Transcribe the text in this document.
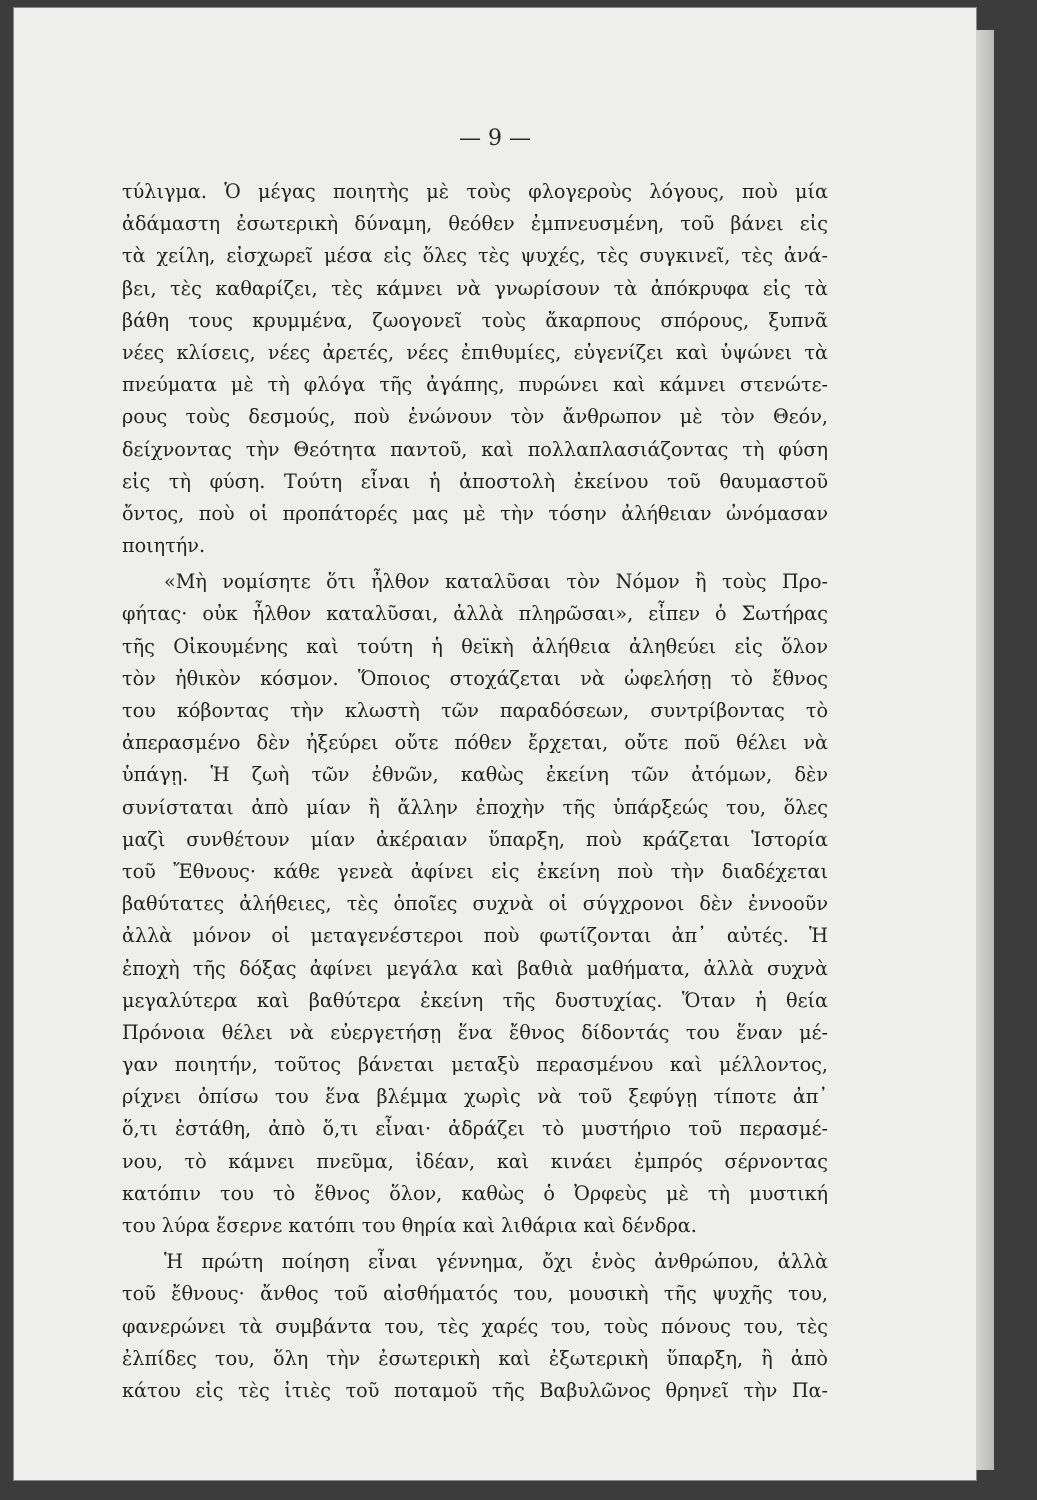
— 9 —
τύλιγμα. Ὁ μέγας ποιητὴς μὲ τοὺς φλογεροὺς λόγους, ποὺ μία
ἀδάμαστη ἐσωτερικὴ δύναμη, θεόθεν ἐμπνευσμένη, τοῦ βάνει εἰς
τὰ χείλη, εἰσχωρεῖ μέσα εἰς ὅλες τὲς ψυχές, τὲς συγκινεῖ, τὲς ἀνά-
βει, τὲς καθαρίζει, τὲς κάμνει νὰ γνωρίσουν τὰ ἀπόκρυφα εἰς τὰ
βάθη τους κρυμμένα, ζωογονεῖ τοὺς ἄκαρπους σπόρους, ξυπνᾶ
νέες κλίσεις, νέες ἀρετές, νέες ἐπιθυμίες, εὐγενίζει καὶ ὑψώνει τὰ
πνεύματα μὲ τὴ φλόγα τῆς ἀγάπης, πυρώνει καὶ κάμνει στενώτε-
ρους τοὺς δεσμούς, ποὺ ἑνώνουν τὸν ἄνθρωπον μὲ τὸν Θεόν,
δείχνοντας τὴν Θεότητα παντοῦ, καὶ πολλαπλασιάζοντας τὴ φύση
εἰς τὴ φύση. Τούτη εἶναι ἡ ἀποστολὴ ἐκείνου τοῦ θαυμαστοῦ
ὄντος, ποὺ οἱ προπάτορές μας μὲ τὴν τόσην ἀλήθειαν ὠνόμασαν
ποιητήν.
«Μὴ νομίσητε ὅτι ἦλθον καταλῦσαι τὸν Νόμον ἢ τοὺς Προ-
φήτας· οὐκ ἦλθον καταλῦσαι, ἀλλὰ πληρῶσαι», εἶπεν ὁ Σωτήρας
τῆς Οἰκουμένης καὶ τούτη ἡ θεϊκὴ ἀλήθεια ἀληθεύει εἰς ὅλον
τὸν ἠθικὸν κόσμον. Ὅποιος στοχάζεται νὰ ὠφελήσῃ τὸ ἔθνος
του κόβοντας τὴν κλωστὴ τῶν παραδόσεων, συντρίβοντας τὸ
ἀπερασμένο δὲν ἠξεύρει οὔτε πόθεν ἔρχεται, οὔτε ποῦ θέλει νὰ
ὑπάγῃ. Ἡ ζωὴ τῶν ἐθνῶν, καθὼς ἐκείνη τῶν ἀτόμων, δὲν
συνίσταται ἀπὸ μίαν ἢ ἄλλην ἐποχὴν τῆς ὑπάρξεώς του, ὅλες
μαζὶ συνθέτουν μίαν ἀκέραιαν ὕπαρξη, ποὺ κράζεται Ἱστορία
τοῦ Ἔθνους· κάθε γενεὰ ἀφίνει εἰς ἐκείνη ποὺ τὴν διαδέχεται
βαθύτατες ἀλήθειες, τὲς ὁποῖες συχνὰ οἱ σύγχρονοι δὲν ἐννοοῦν
ἀλλὰ μόνον οἱ μεταγενέστεροι ποὺ φωτίζονται ἀπ᾽ αὐτές. Ἡ
ἐποχὴ τῆς δόξας ἀφίνει μεγάλα καὶ βαθιὰ μαθήματα, ἀλλὰ συχνὰ
μεγαλύτερα καὶ βαθύτερα ἐκείνη τῆς δυστυχίας. Ὅταν ἡ θεία
Πρόνοια θέλει νὰ εὐεργετήσῃ ἕνα ἔθνος δίδοντάς του ἕναν μέ-
γαν ποιητήν, τοῦτος βάνεται μεταξὺ περασμένου καὶ μέλλοντος,
ρίχνει ὀπίσω του ἕνα βλέμμα χωρὶς νὰ τοῦ ξεφύγῃ τίποτε ἀπ᾽
ὅ,τι ἐστάθη, ἀπὸ ὅ,τι εἶναι· ἀδράζει τὸ μυστήριο τοῦ περασμέ-
νου, τὸ κάμνει πνεῦμα, ἰδέαν, καὶ κινάει ἐμπρός σέρνοντας
κατόπιν του τὸ ἔθνος ὅλον, καθὼς ὁ Ὀρφεὺς μὲ τὴ μυστική
του λύρα ἔσερνε κατόπι του θηρία καὶ λιθάρια καὶ δένδρα.
Ἡ πρώτη ποίηση εἶναι γέννημα, ὄχι ἑνὸς ἀνθρώπου, ἀλλὰ
τοῦ ἔθνους· ἄνθος τοῦ αἰσθήματός του, μουσικὴ τῆς ψυχῆς του,
φανερώνει τὰ συμβάντα του, τὲς χαρές του, τοὺς πόνους του, τὲς
ἐλπίδες του, ὅλη τὴν ἐσωτερικὴ καὶ ἐξωτερικὴ ὕπαρξη, ἢ ἀπὸ
κάτου εἰς τὲς ἰτιὲς τοῦ ποταμοῦ τῆς Βαβυλῶνος θρηνεῖ τὴν Πα-
